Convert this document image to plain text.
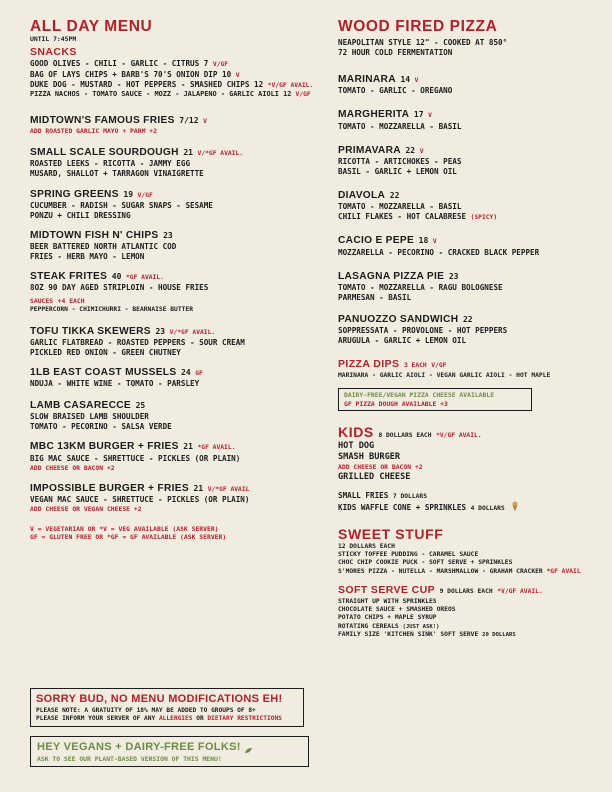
ALL DAY MENU
UNTIL 7:45PM
SNACKS
GOOD OLIVES - CHILI - GARLIC - CITRUS 7 V/GF
BAG OF LAYS CHIPS + BARB'S 70'S ONION DIP 10 V
DUKE DOG - MUSTARD - HOT PEPPERS - SMASHED CHIPS 12 *V/GF AVAIL.
PIZZA NACHOS - TOMATO SAUCE - MOZZ - JALAPENO - GARLIC AIOLI 12 V/GF
MIDTOWN'S FAMOUS FRIES 7/12 V
ADD ROASTED GARLIC MAYO + PARM +2
SMALL SCALE SOURDOUGH 21 V/*GF AVAIL.
ROASTED LEEKS - RICOTTA - JAMMY EGG
MUSARD, SHALLOT + TARRAGON VINAIGRETTE
SPRING GREENS 19 V/GF
CUCUMBER - RADISH - SUGAR SNAPS - SESAME
PONZU + CHILI DRESSING
MIDTOWN FISH N' CHIPS 23
BEER BATTERED NORTH ATLANTIC COD
FRIES - HERB MAYO - LEMON
STEAK FRITES 40 *GF AVAIL.
8OZ 90 DAY AGED STRIPLOIN - HOUSE FRIES
SAUCES +4 EACH
PEPPERCORN - CHIMICHURRI - BEARNAISE BUTTER
TOFU TIKKA SKEWERS 23 V/*GF AVAIL.
GARLIC FLATBREAD - ROASTED PEPPERS - SOUR CREAM
PICKLED RED ONION - GREEN CHUTNEY
1LB EAST COAST MUSSELS 24 GF
NDUJA - WHITE WINE - TOMATO - PARSLEY
LAMB CASARECCE 25
SLOW BRAISED LAMB SHOULDER
TOMATO - PECORINO - SALSA VERDE
MBC 13KM BURGER + FRIES 21 *GF AVAIL.
BIG MAC SAUCE - SHRETTUCE - PICKLES (OR PLAIN)
ADD CHEESE OR BACON +2
IMPOSSIBLE BURGER + FRIES 21 V/*GF AVAIL
VEGAN MAC SAUCE - SHRETTUCE - PICKLES (OR PLAIN)
ADD CHEESE OR VEGAN CHEESE +2
V = VEGETARIAN OR *V = VEG AVAILABLE (ASK SERVER)
GF = GLUTEN FREE OR *GF = GF AVAILABLE (ASK SERVER)
SORRY BUD, NO MENU MODIFICATIONS EH!
PLEASE NOTE: A GRATUITY OF 18% MAY BE ADDED TO GROUPS OF 8+
PLEASE INFORM YOUR SERVER OF ANY ALLERGIES OR DIETARY RESTRICTIONS
HEY VEGANS + DAIRY-FREE FOLKS!
ASK TO SEE OUR PLANT-BASED VERSION OF THIS MENU!
WOOD FIRED PIZZA
NEAPOLITAN STYLE 12" - COOKED AT 850°
72 HOUR COLD FERMENTATION
MARINARA 14 V
TOMATO - GARLIC - OREGANO
MARGHERITA 17 V
TOMATO - MOZZARELLA - BASIL
PRIMAVARA 22 V
RICOTTA - ARTICHOKES - PEAS
BASIL - GARLIC + LEMON OIL
DIAVOLA 22
TOMATO - MOZZARELLA - BASIL
CHILI FLAKES - HOT CALABRESE (SPICY)
CACIO E PEPE 18 V
MOZZARELLA - PECORINO - CRACKED BLACK PEPPER
LASAGNA PIZZA PIE 23
TOMATO - MOZZARELLA - RAGU BOLOGNESE
PARMESAN - BASIL
PANUOZZO SANDWICH 22
SOPPRESSATA - PROVOLONE - HOT PEPPERS
ARUGULA - GARLIC + LEMON OIL
PIZZA DIPS 3 EACH V/GF
MARINARA - GARLIC AIOLI - VEGAN GARLIC AIOLI - HOT MAPLE
DAIRY-FREE/VEGAN PIZZA CHEESE AVAILABLE
GF PIZZA DOUGH AVAILABLE +3
KIDS 8 DOLLARS EACH *V/GF AVAIL.
HOT DOG
SMASH BURGER
ADD CHEESE OR BACON +2
GRILLED CHEESE
SMALL FRIES 7 DOLLARS
KIDS WAFFLE CONE + SPRINKLES 4 DOLLARS
SWEET STUFF
12 DOLLARS EACH
STICKY TOFFEE PUDDING - CARAMEL SAUCE
CHOC CHIP COOKIE PUCK - SOFT SERVE + SPRINKLES
S'MORES PIZZA - NUTELLA - MARSHMALLOW - GRAHAM CRACKER *GF AVAIL
SOFT SERVE CUP 9 DOLLARS EACH *V/GF AVAIL.
STRAIGHT UP WITH SPRINKLES
CHOCOLATE SAUCE + SMASHED OREOS
POTATO CHIPS + MAPLE SYRUP
ROTATING CEREALS (JUST ASK!)
FAMILY SIZE 'KITCHEN SINK' SOFT SERVE 20 DOLLARS
